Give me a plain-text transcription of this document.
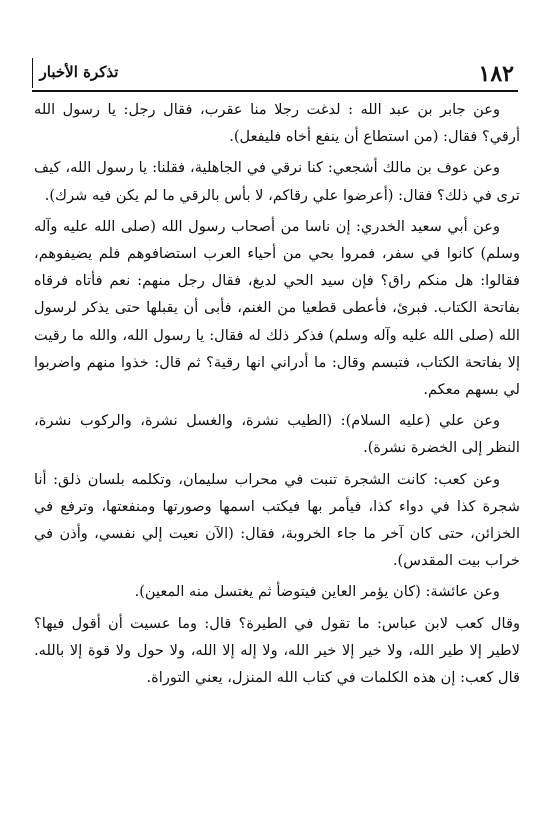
١٨٢
تذكرة الأخبار

وعن جابر بن عبد الله : لدغت رجلا منا عقرب، فقال رجل: يا رسول الله أرقي؟ فقال: (من استطاع أن ينفع أخاه فليفعل).

وعن عوف بن مالك أشجعي: كنا نرقي في الجاهلية، فقلنا: يا رسول الله، كيف ترى في ذلك؟ فقال: (أعرضوا علي رقاكم، لا بأس بالرقي ما لم يكن فيه شرك).

وعن أبي سعيد الخدري: إن ناسا من أصحاب رسول الله (صلى الله عليه وآله وسلم) كانوا في سفر، فمروا بحي من أحياء العرب استضافوهم فلم يضيفوهم، فقالوا: هل منكم راق؟ فإن سيد الحي لديغ، فقال رجل منهم: نعم فأتاه فرقاه بفاتحة الكتاب. فبرئ، فأعطى قطعيا من الغنم، فأبى أن يقبلها حتى يذكر لرسول الله (صلى الله عليه وآله وسلم) فذكر ذلك له فقال: يا رسول الله، والله ما رقيت إلا بفاتحة الكتاب، فتبسم وقال: ما أدراني انها رقية؟ ثم قال: خذوا منهم واضربوا لي بسهم معكم.

وعن علي (عليه السلام): (الطيب نشرة، والغسل نشرة، والركوب نشرة، النظر إلى الخضرة نشرة).

وعن كعب: كانت الشجرة تنبت في محراب سليمان، وتكلمه بلسان ذلق: أنا شجرة كذا في دواء كذا، فيأمر بها فيكتب اسمها وصورتها ومنفعتها، وترفع في الخزائن، حتى كان آخر ما جاء الخروبة، فقال: (الآن نعيت إلي نفسي، وأذن في خراب بيت المقدس).

وعن عائشة: (كان يؤمر العاين فيتوضأ ثم يغتسل منه المعين).

وقال كعب لابن عباس: ما تقول في الطيرة؟ قال: وما عسيت أن أقول فيها؟ لاطير إلا طير الله، ولا خير إلا خير الله، ولا إله إلا الله، ولا حول ولا قوة إلا بالله. قال كعب: إن هذه الكلمات في كتاب الله المنزل، يعني التوراة.
